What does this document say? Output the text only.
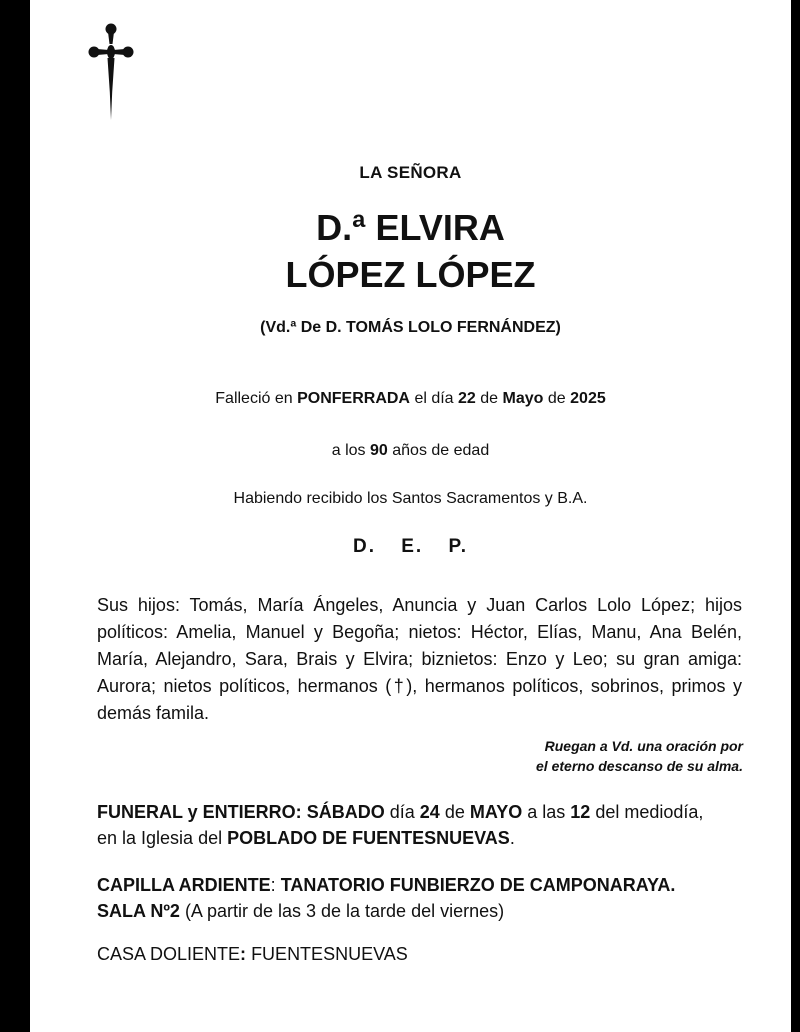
LA SEÑORA
D.ª ELVIRA
LÓPEZ LÓPEZ
(Vd.ª De D. TOMÁS LOLO FERNÁNDEZ)
Falleció en PONFERRADA el día 22 de Mayo de 2025
a los 90 años de edad
Habiendo recibido los Santos Sacramentos y B.A.
D. E. P.
Sus hijos: Tomás, María Ángeles, Anuncia y Juan Carlos Lolo López; hijos políticos: Amelia, Manuel y Begoña; nietos: Héctor, Elías, Manu, Ana Belén, María, Alejandro, Sara, Brais y Elvira; biznietos: Enzo y Leo; su gran amiga: Aurora; nietos políticos, hermanos (†), hermanos políticos, sobrinos, primos y demás famila.
Ruegan a Vd. una oración por
el eterno descanso de su alma.
FUNERAL y ENTIERRO: SÁBADO día 24 de MAYO a las 12 del mediodía,
en la Iglesia del POBLADO DE FUENTESNUEVAS.
CAPILLA ARDIENTE: TANATORIO FUNBIERZO DE CAMPONARAYA.
SALA Nº2 (A partir de las 3 de la tarde del viernes)
CASA DOLIENTE: FUENTESNUEVAS
